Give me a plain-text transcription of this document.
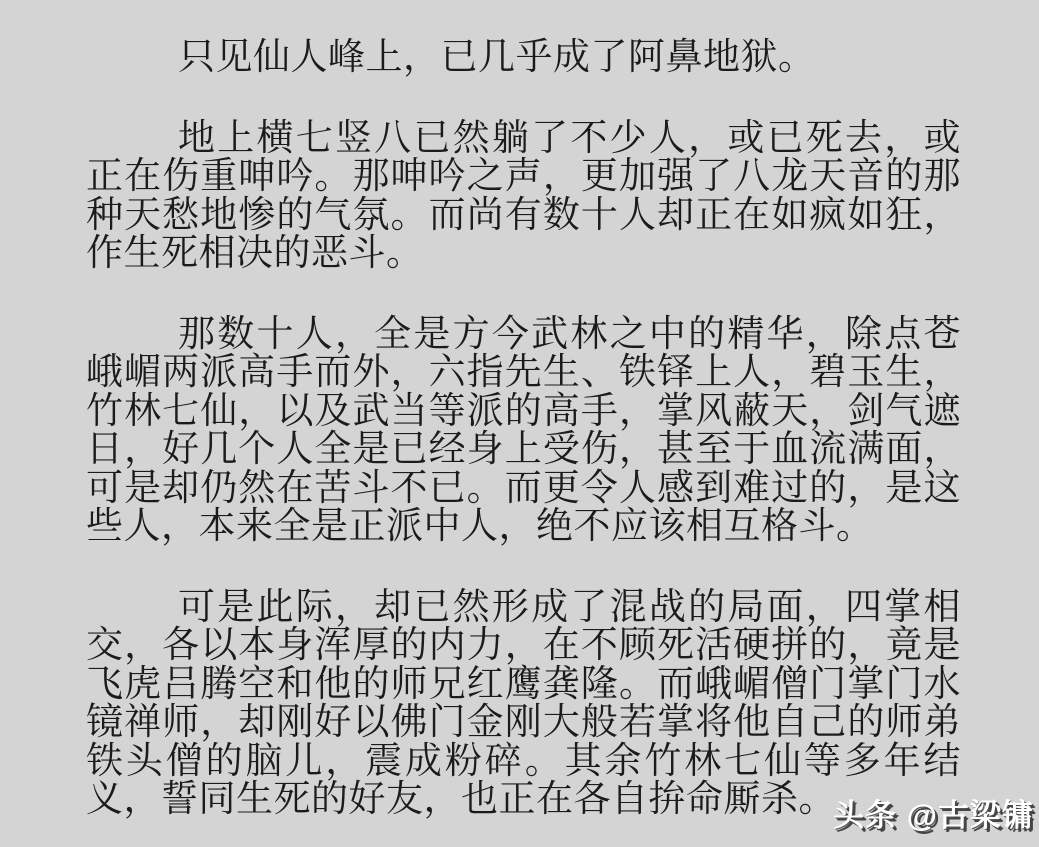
只见仙人峰上，已几乎成了阿鼻地狱。

地上横七竖八已然躺了不少人，或已死去，或正在伤重呻吟。那呻吟之声，更加强了八龙天音的那种天愁地惨的气氛。而尚有数十人却正在如疯如狂，作生死相决的恶斗。

那数十人，全是方今武林之中的精华，除点苍峨嵋两派高手而外，六指先生、铁铎上人，碧玉生，竹林七仙，以及武当等派的高手，掌风蔽天，剑气遮日，好几个人全是已经身上受伤，甚至于血流满面，可是却仍然在苦斗不已。而更令人感到难过的，是这些人，本来全是正派中人，绝不应该相互格斗。

可是此际，却已然形成了混战的局面，四掌相交，各以本身浑厚的内力，在不顾死活硬拼的，竟是飞虎吕腾空和他的师兄红鹰龚隆。而峨嵋僧门掌门水镜禅师，却刚好以佛门金刚大般若掌将他自己的师弟铁头僧的脑儿，震成粉碎。其余竹林七仙等多年结义，誓同生死的好友，也正在各自拚命厮杀。

头条 @古梁镛
